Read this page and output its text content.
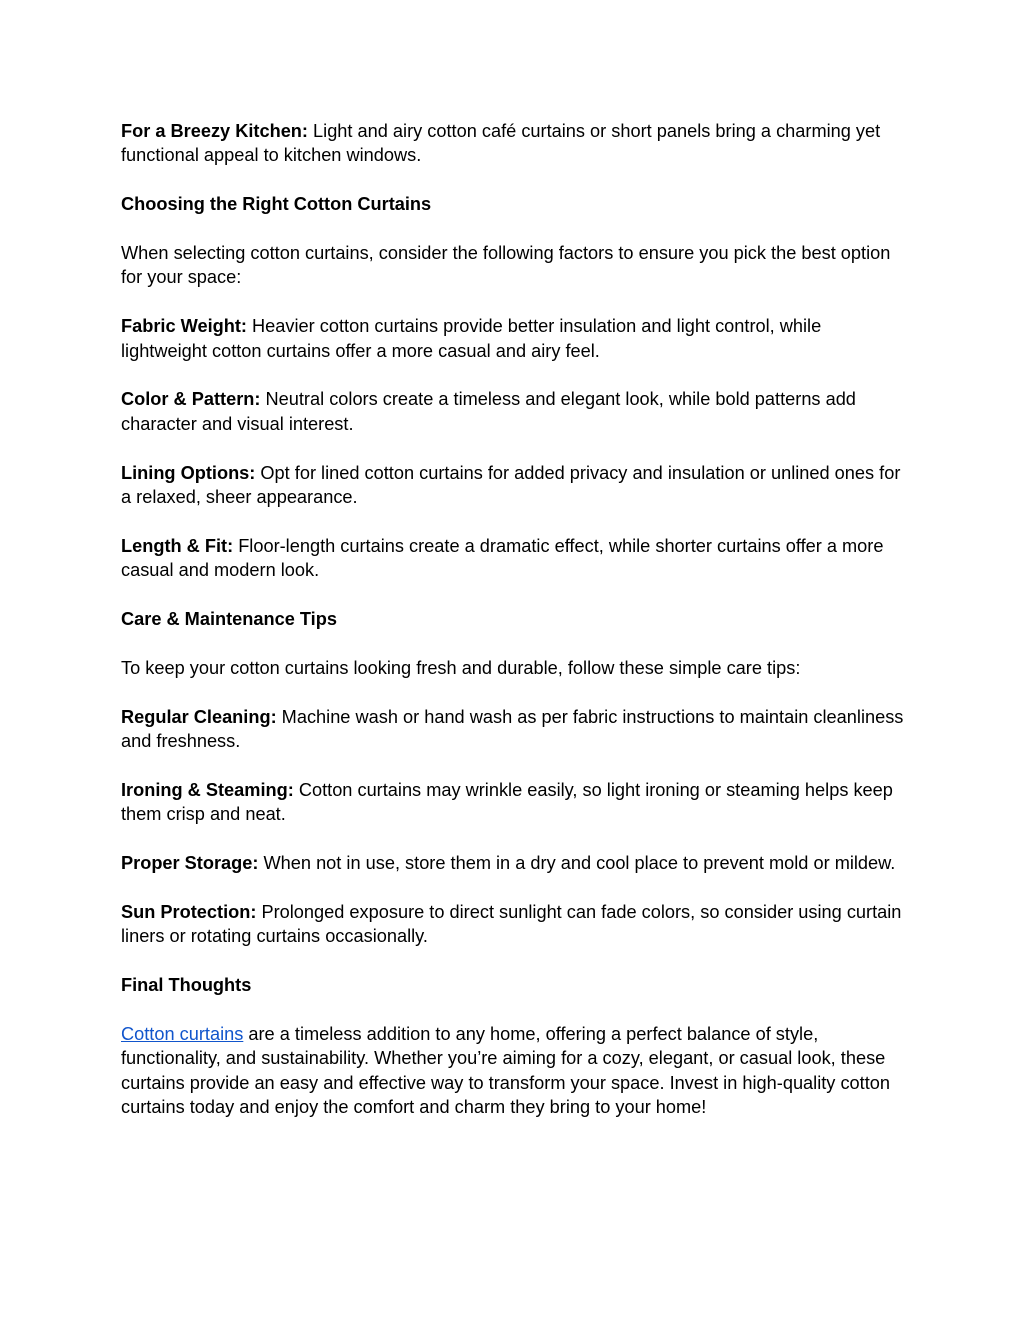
For a Breezy Kitchen: Light and airy cotton café curtains or short panels bring a charming yet functional appeal to kitchen windows.

Choosing the Right Cotton Curtains

When selecting cotton curtains, consider the following factors to ensure you pick the best option for your space:

Fabric Weight: Heavier cotton curtains provide better insulation and light control, while lightweight cotton curtains offer a more casual and airy feel.

Color & Pattern: Neutral colors create a timeless and elegant look, while bold patterns add character and visual interest.

Lining Options: Opt for lined cotton curtains for added privacy and insulation or unlined ones for a relaxed, sheer appearance.

Length & Fit: Floor-length curtains create a dramatic effect, while shorter curtains offer a more casual and modern look.

Care & Maintenance Tips

To keep your cotton curtains looking fresh and durable, follow these simple care tips:

Regular Cleaning: Machine wash or hand wash as per fabric instructions to maintain cleanliness and freshness.

Ironing & Steaming: Cotton curtains may wrinkle easily, so light ironing or steaming helps keep them crisp and neat.

Proper Storage: When not in use, store them in a dry and cool place to prevent mold or mildew.

Sun Protection: Prolonged exposure to direct sunlight can fade colors, so consider using curtain liners or rotating curtains occasionally.

Final Thoughts

Cotton curtains are a timeless addition to any home, offering a perfect balance of style, functionality, and sustainability. Whether you’re aiming for a cozy, elegant, or casual look, these curtains provide an easy and effective way to transform your space. Invest in high-quality cotton curtains today and enjoy the comfort and charm they bring to your home!
